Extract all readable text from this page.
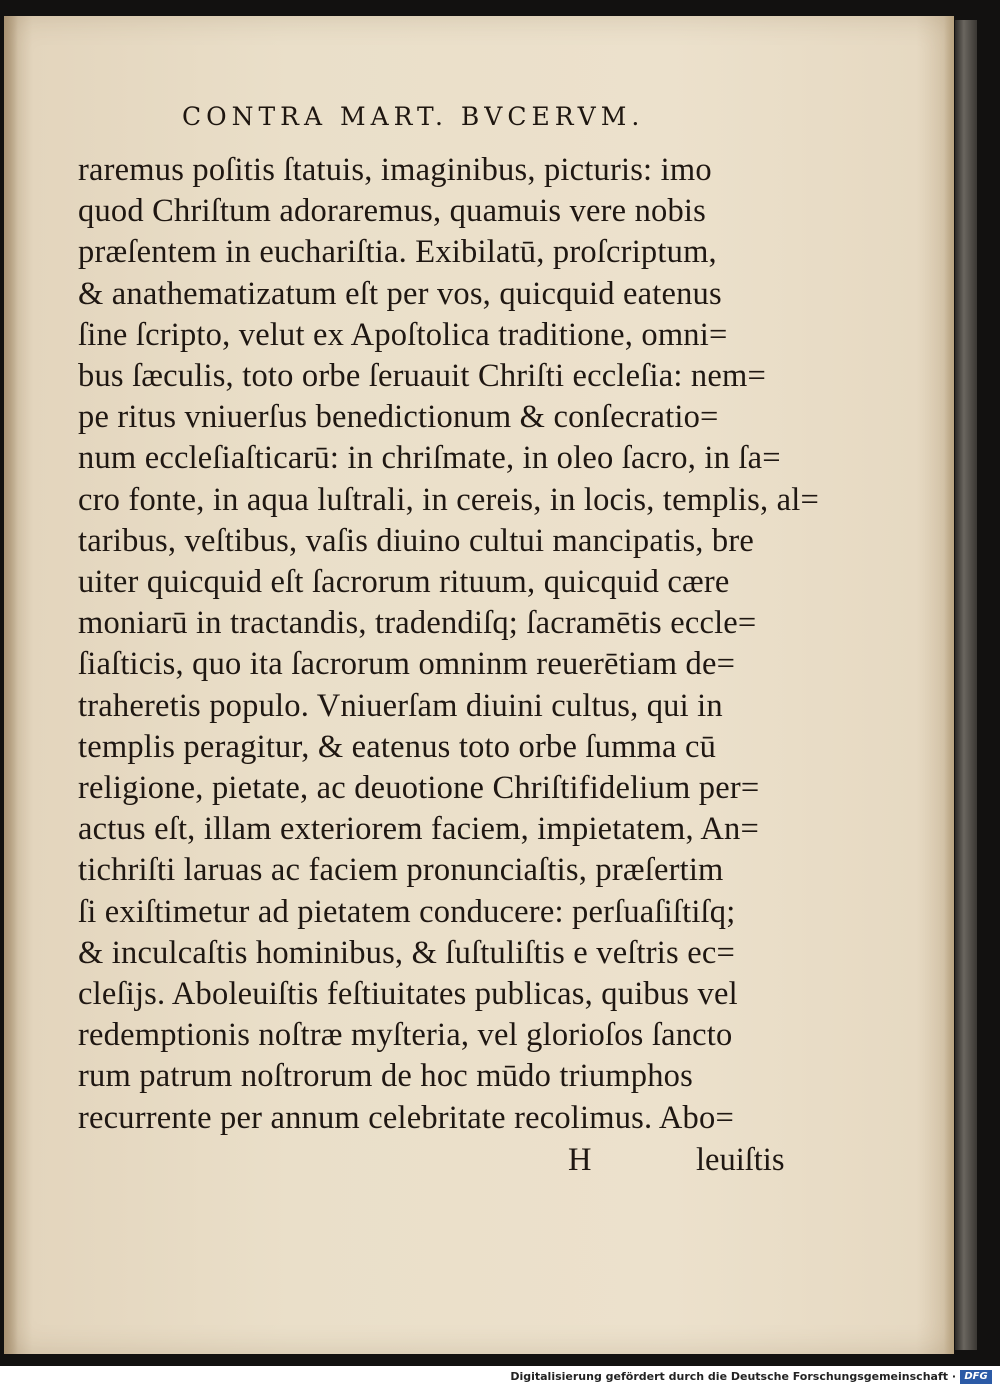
CONTRA MART. BVCERVM.
raremus poſitis ſtatuis, imaginibus, picturis: imo
quod Chriſtum adoraremus, quamuis vere nobis
præſentem in euchariſtia. Exibilatū, proſcriptum,
& anathematizatum eſt per vos, quicquid eatenus
ſine ſcripto, velut ex Apoſtolica traditione, omni=
bus ſæculis, toto orbe ſeruauit Chriſti eccleſia: nem=
pe ritus vniuerſus benedictionum & conſecratio=
num eccleſiaſticarū: in chriſmate, in oleo ſacro, in ſa=
cro fonte, in aqua luſtrali, in cereis, in locis, templis, al=
taribus, veſtibus, vaſis diuino cultui mancipatis, bre
uiter quicquid eſt ſacrorum rituum, quicquid cære
moniarū in tractandis, tradendiſq; ſacramētis eccle=
ſiaſticis, quo ita ſacrorum omninm reuerētiam de=
traheretis populo. Vniuerſam diuini cultus, qui in
templis peragitur, & eatenus toto orbe ſumma cū
religione, pietate, ac deuotione Chriſtifidelium per=
actus eſt, illam exteriorem faciem, impietatem, An=
tichriſti laruas ac faciem pronunciaſtis, præſertim
ſi exiſtimetur ad pietatem conducere: perſuaſiſtiſq;
& inculcaſtis hominibus, & ſuſtuliſtis e veſtris ec=
cleſijs. Aboleuiſtis feſtiuitates publicas, quibus vel
redemptionis noſtræ myſteria, vel glorioſos ſancto
rum patrum noſtrorum de hoc mūdo triumphos
recurrente per annum celebritate recolimus. Abo=
H	leuiſtis
Digitalisierung gefördert durch die Deutsche Forschungsgemeinschaft · DFG
